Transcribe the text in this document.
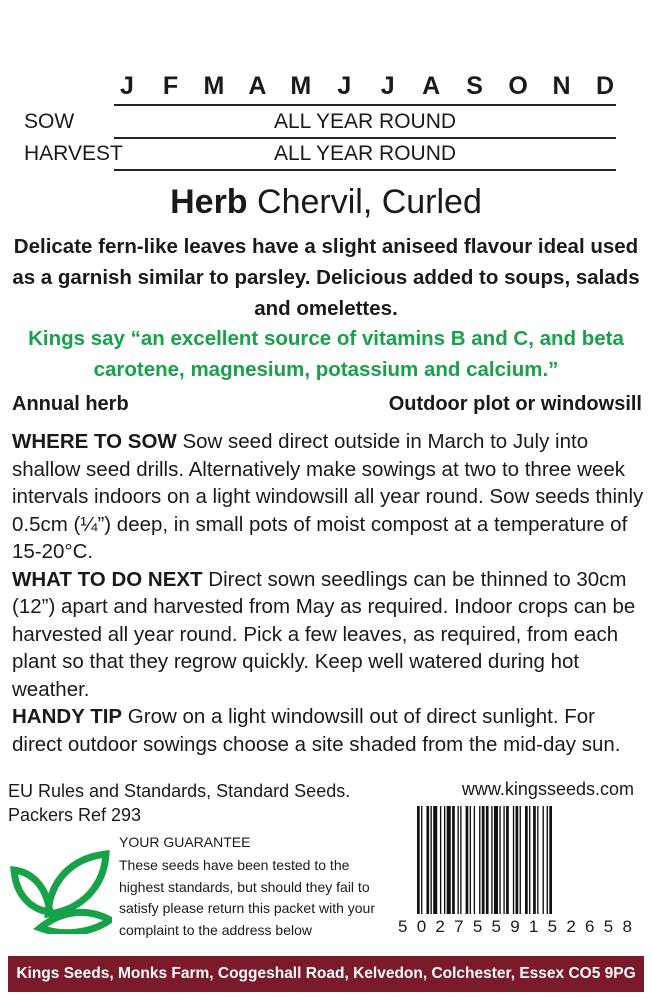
J	F M A M	J	J	A S O N D
SOW	ALL YEAR ROUND
HARVEST	ALL YEAR ROUND
Herb Chervil, Curled
Delicate fern-like leaves have a slight aniseed flavour ideal used as a garnish similar to parsley. Delicious added to soups, salads and omelettes.
Kings say “an excellent source of vitamins B and C, and beta carotene, magnesium, potassium and calcium.”
Annual herb	Outdoor plot or windowsill

WHERE TO SOW Sow seed direct outside in March to July into shallow seed drills. Alternatively make sowings at two to three week intervals indoors on a light windowsill all year round. Sow seeds thinly 0.5cm (¼”) deep, in small pots of moist compost at a temperature of 15-20°C.

WHAT TO DO NEXT Direct sown seedlings can be thinned to 30cm (12”) apart and harvested from May as required. Indoor crops can be harvested all year round. Pick a few leaves, as required, from each plant so that they regrow quickly. Keep well watered during hot weather.

HANDY TIP Grow on a light windowsill out of direct sunlight. For direct outdoor sowings choose a site shaded from the mid-day sun.

EU Rules and Standards, Standard Seeds.
Packers Ref 293
www.kingsseeds.com
YOUR GUARANTEE
These seeds have been tested to the highest standards, but should they fail to satisfy please return this packet with your complaint to the address below	5 0 2 7 5 5 9 1 5 2 6 5 8
Kings Seeds, Monks Farm, Coggeshall Road, Kelvedon, Colchester, Essex CO5 9PG
